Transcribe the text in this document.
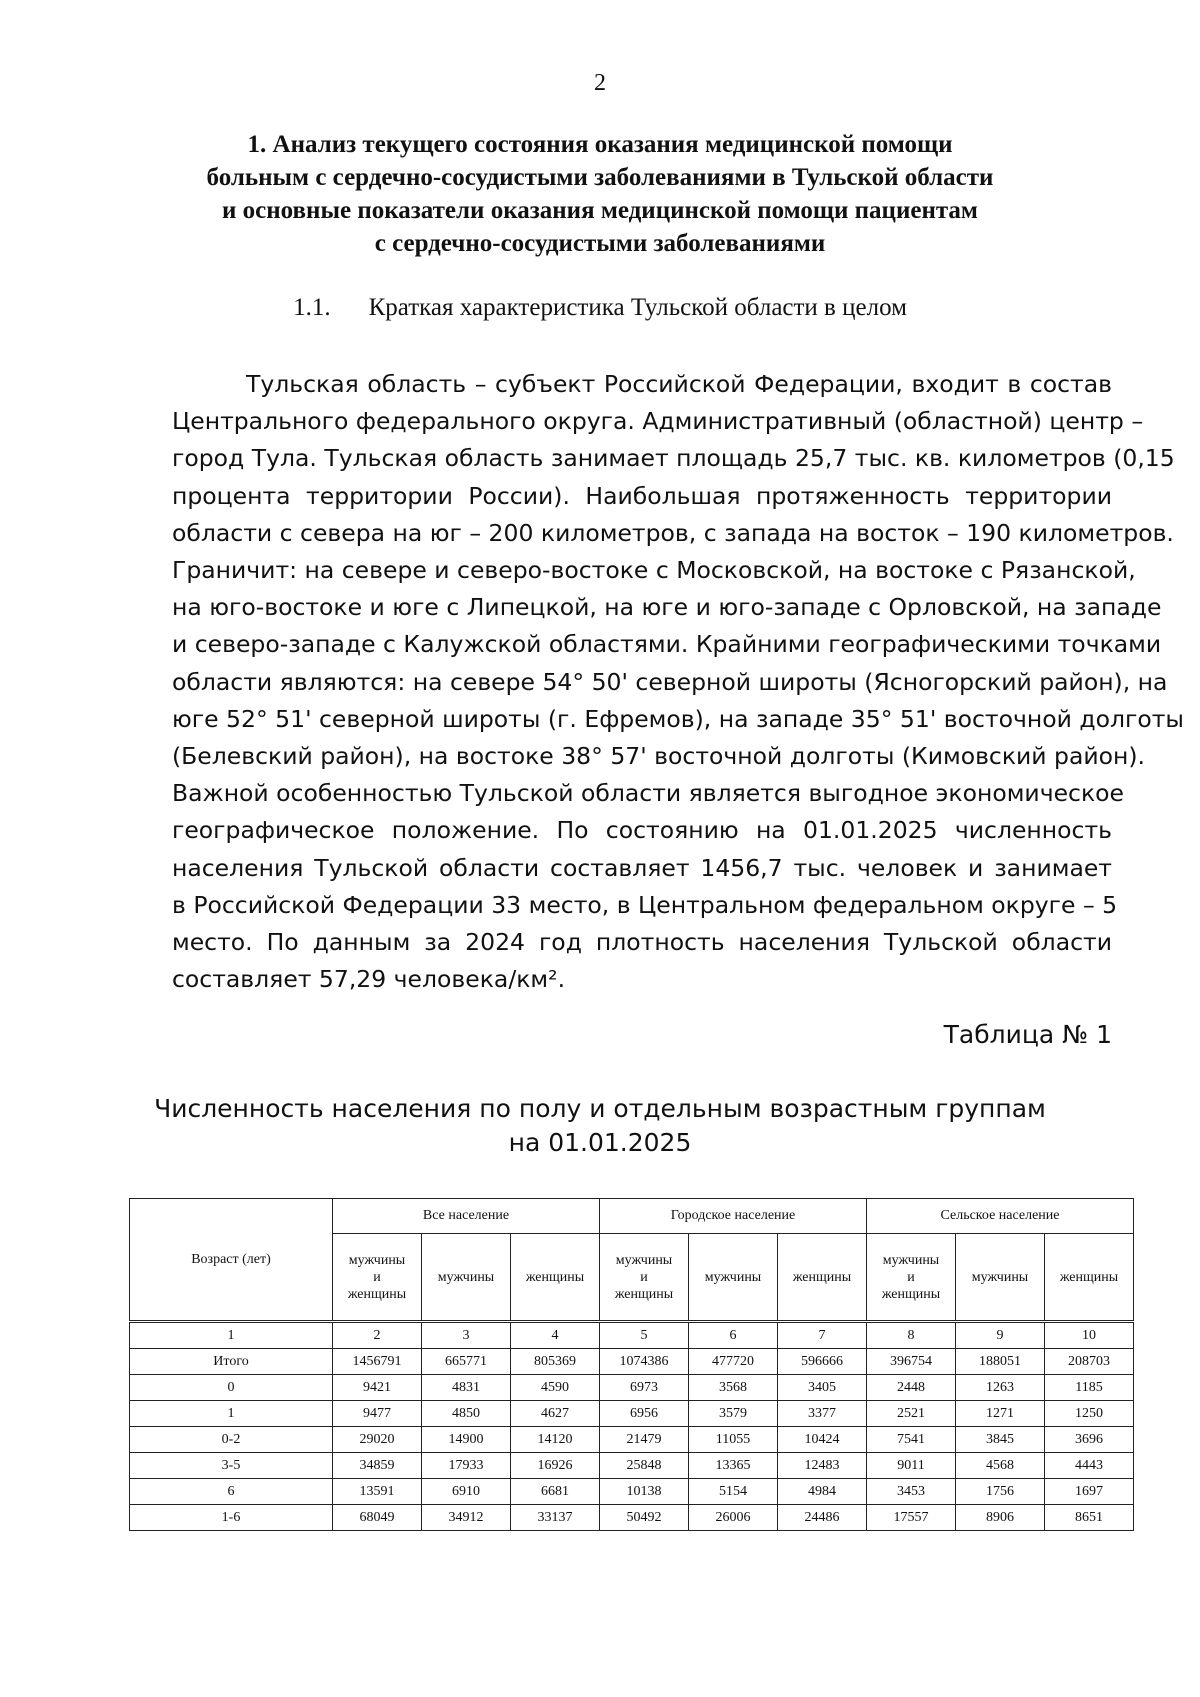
2
1. Анализ текущего состояния оказания медицинской помощи
больным с сердечно-сосудистыми заболеваниями в Тульской области
и основные показатели оказания медицинской помощи пациентам
с сердечно-сосудистыми заболеваниями
1.1. Краткая характеристика Тульской области в целом
Тульская область – субъект Российской Федерации, входит в состав
Центрального федерального округа. Административный (областной) центр –
город Тула. Тульская область занимает площадь 25,7 тыс. кв. километров (0,15
процента территории России). Наибольшая протяженность территории
области с севера на юг – 200 километров, с запада на восток – 190 километров.
Граничит: на севере и северо-востоке с Московской, на востоке с Рязанской,
на юго-востоке и юге с Липецкой, на юге и юго-западе с Орловской, на западе
и северо-западе с Калужской областями. Крайними географическими точками
области являются: на севере 54° 50' северной широты (Ясногорский район), на
юге 52° 51' северной широты (г. Ефремов), на западе 35° 51' восточной долготы
(Белевский район), на востоке 38° 57' восточной долготы (Кимовский район).
Важной особенностью Тульской области является выгодное экономическое
географическое положение. По состоянию на 01.01.2025 численность
населения Тульской области составляет 1456,7 тыс. человек и занимает
в Российской Федерации 33 место, в Центральном федеральном округе – 5
место. По данным за 2024 год плотность населения Тульской области
составляет 57,29 человека/км².
Таблица № 1
Численность населения по полу и отдельным возрастным группам
на 01.01.2025
Возраст (лет)	Все население			Городское население			Сельское население		
	мужчины
и
женщины	мужчины	женщины	мужчины
и
женщины	мужчины	женщины	мужчины
и
женщины	мужчины	женщины
1	2	3	4	5	6	7	8	9	10
Итого	1456791	665771	805369	1074386	477720	596666	396754	188051	208703
0	9421	4831	4590	6973	3568	3405	2448	1263	1185
1	9477	4850	4627	6956	3579	3377	2521	1271	1250
0-2	29020	14900	14120	21479	11055	10424	7541	3845	3696
3-5	34859	17933	16926	25848	13365	12483	9011	4568	4443
6	13591	6910	6681	10138	5154	4984	3453	1756	1697
1-6	68049	34912	33137	50492	26006	24486	17557	8906	8651
